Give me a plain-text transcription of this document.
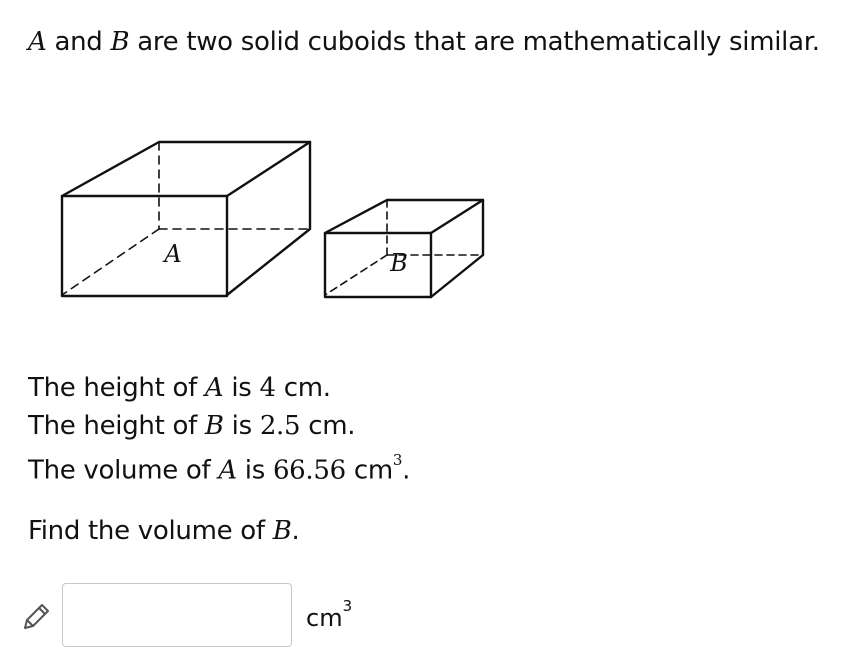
A and B are two solid cuboids that are mathematically similar.
A	B
The height of A is 4 cm.
The height of B is 2.5 cm.
The volume of A is 66.56 $cm^3$.
Find the volume of B.
$cm^3$
